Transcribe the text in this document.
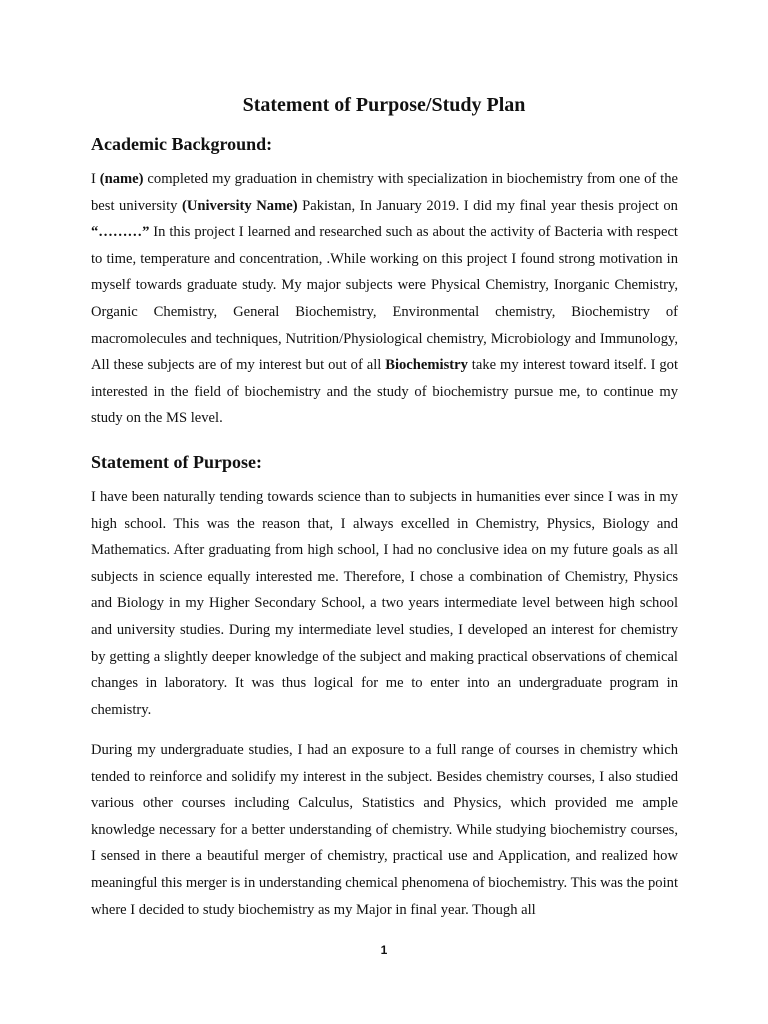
Statement of Purpose/Study Plan
Academic Background:

I (name) completed my graduation in chemistry with specialization in biochemistry from one of the best university (University Name) Pakistan, In January 2019. I did my final year thesis project on “………” In this project I learned and researched such as about the activity of Bacteria with respect to time, temperature and concentration, .While working on this project I found strong motivation in myself towards graduate study. My major subjects were Physical Chemistry, Inorganic Chemistry, Organic Chemistry, General Biochemistry, Environmental chemistry, Biochemistry of macromolecules and techniques, Nutrition/Physiological chemistry, Microbiology and Immunology, All these subjects are of my interest but out of all Biochemistry take my interest toward itself. I got interested in the field of biochemistry and the study of biochemistry pursue me, to continue my study on the MS level.

Statement of Purpose:

I have been naturally tending towards science than to subjects in humanities ever since I was in my high school. This was the reason that, I always excelled in Chemistry, Physics, Biology and Mathematics. After graduating from high school, I had no conclusive idea on my future goals as all subjects in science equally interested me. Therefore, I chose a combination of Chemistry, Physics and Biology in my Higher Secondary School, a two years intermediate level between high school and university studies. During my intermediate level studies, I developed an interest for chemistry by getting a slightly deeper knowledge of the subject and making practical observations of chemical changes in laboratory. It was thus logical for me to enter into an undergraduate program in chemistry.

During my undergraduate studies, I had an exposure to a full range of courses in chemistry which tended to reinforce and solidify my interest in the subject. Besides chemistry courses, I also studied various other courses including Calculus, Statistics and Physics, which provided me ample knowledge necessary for a better understanding of chemistry. While studying biochemistry courses, I sensed in there a beautiful merger of chemistry, practical use and Application, and realized how meaningful this merger is in understanding chemical phenomena of biochemistry. This was the point where I decided to study biochemistry as my Major in final year. Though all

1
